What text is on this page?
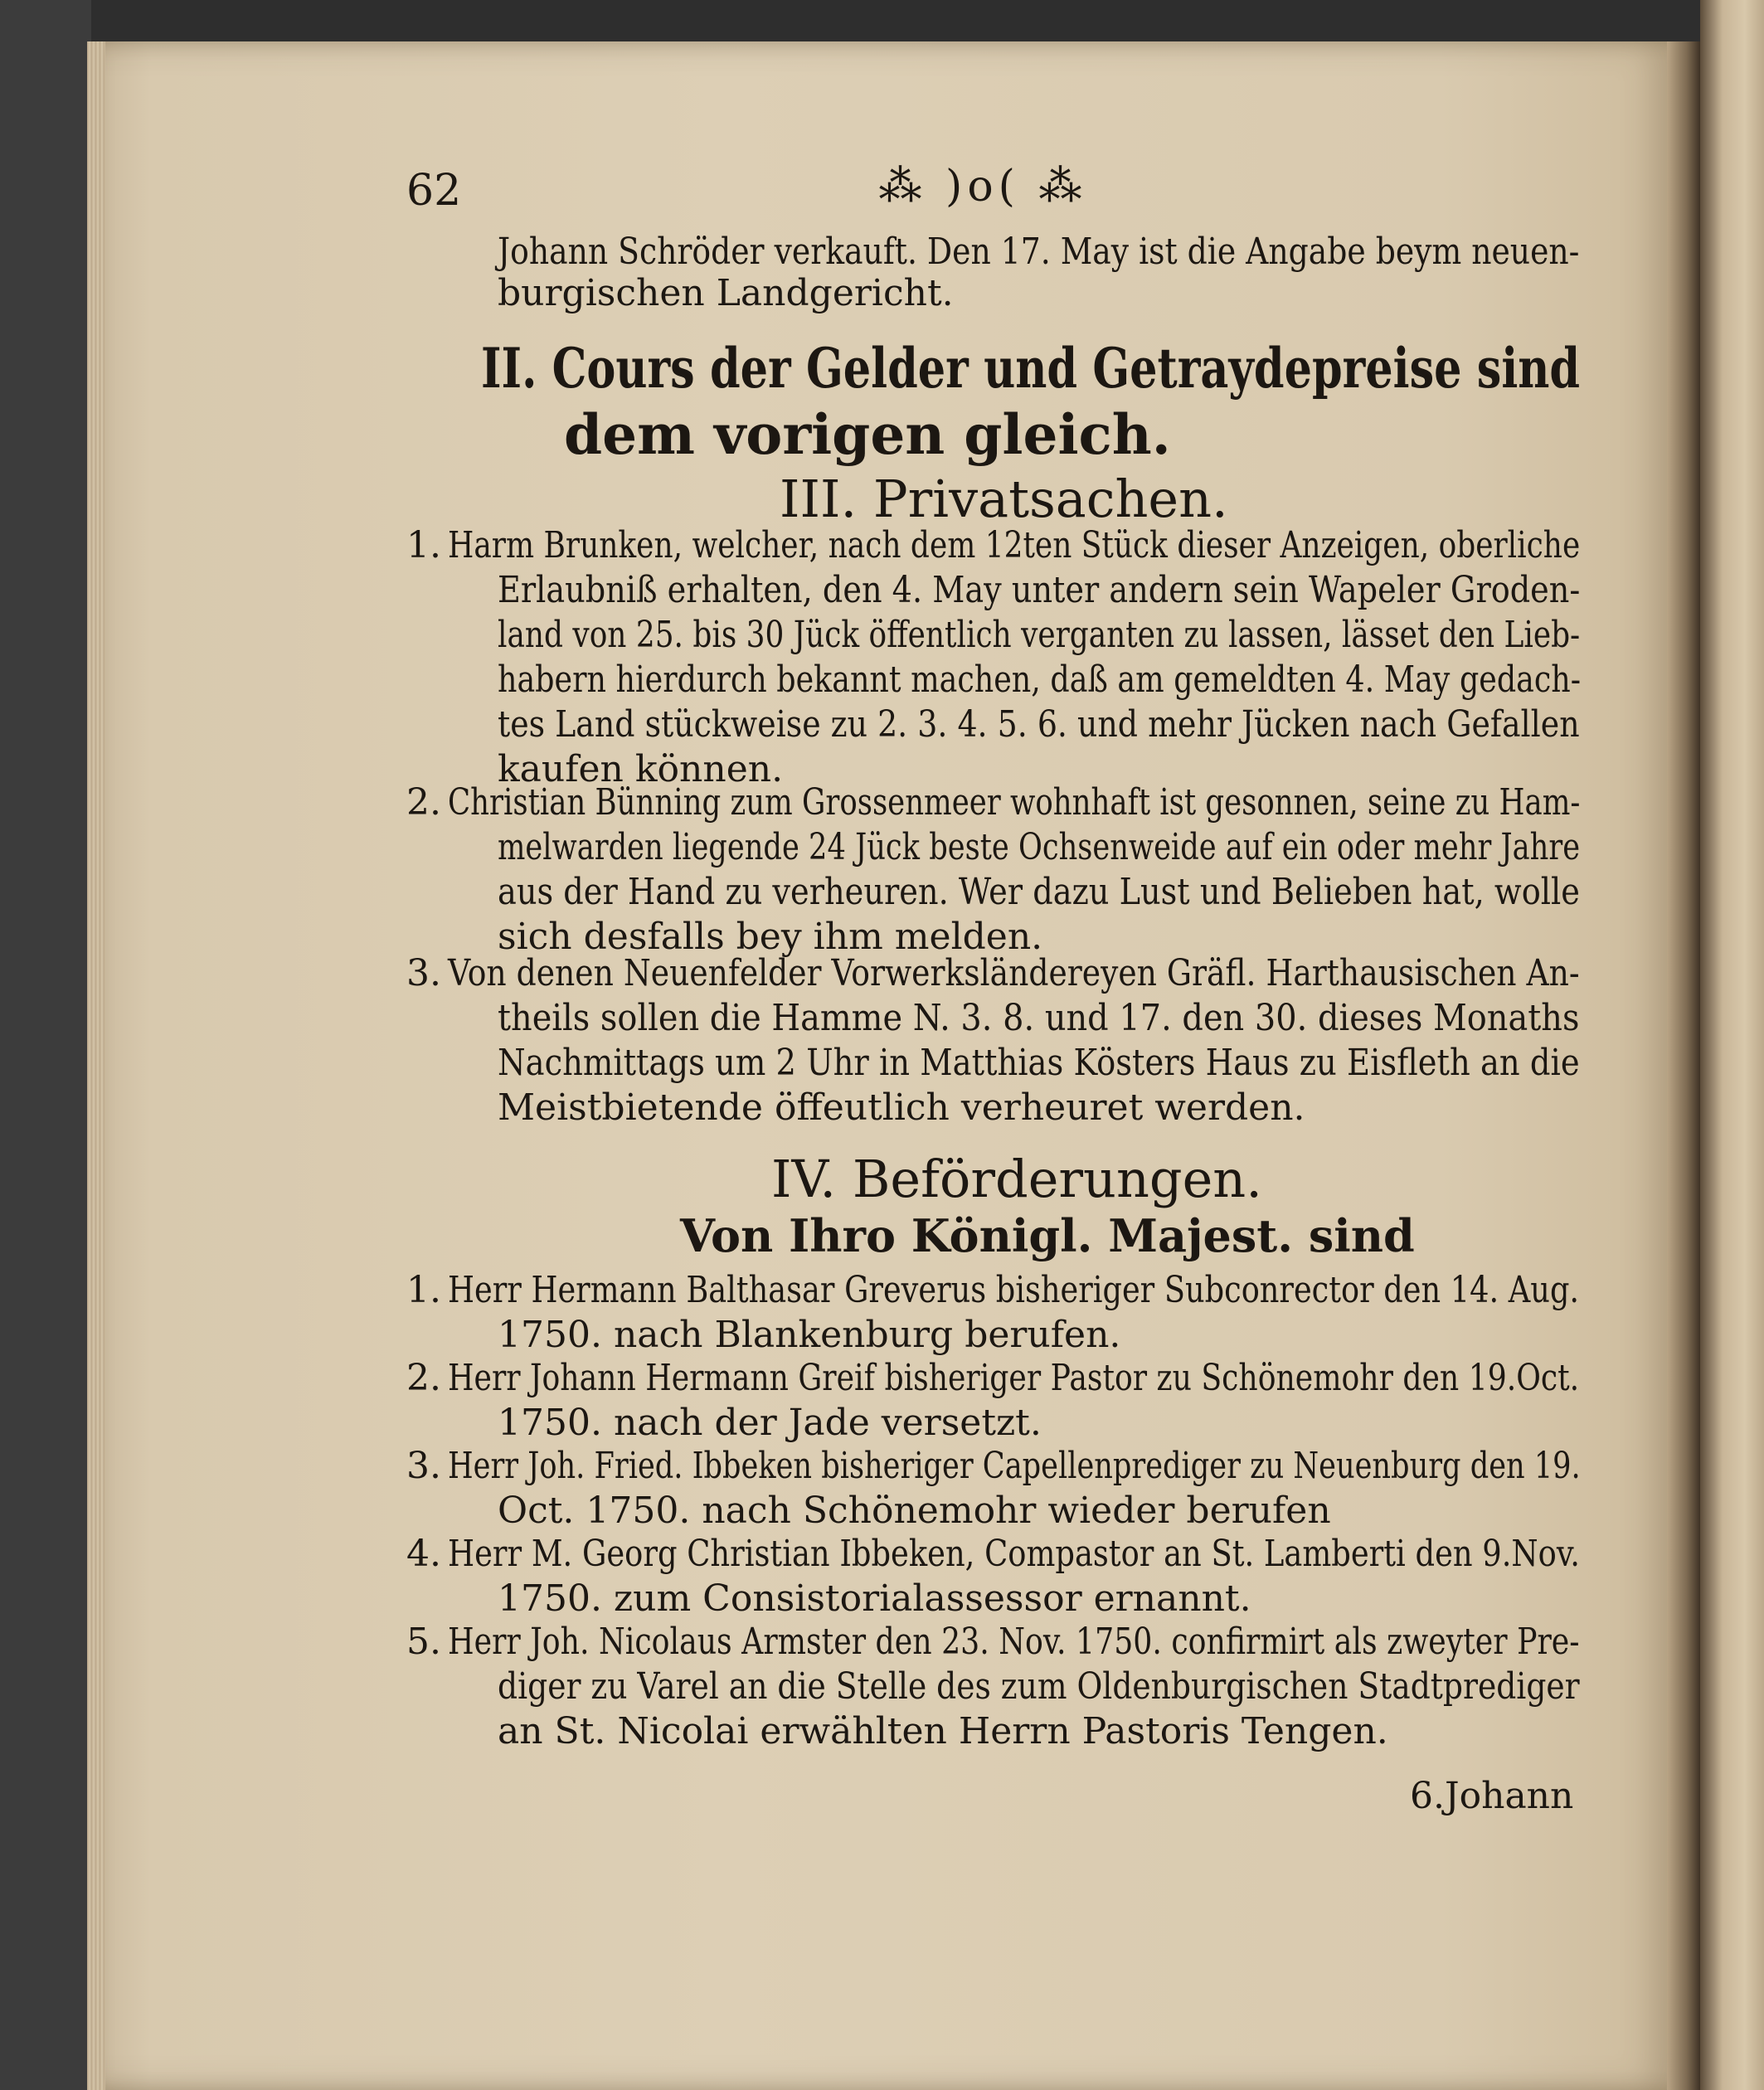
62	⁂ )o( ⁂
Johann Schröder verkauft. Den 17. May ist die Angabe beym neuen-
burgischen Landgericht.
II. Cours der Gelder und Getraydepreise sind
dem vorigen gleich.
III. Privatsachen.
1. Harm Brunken, welcher, nach dem 12ten Stück dieser Anzeigen, oberliche
Erlaubniß erhalten, den 4. May unter andern sein Wapeler Groden-
land von 25. bis 30 Jück öffentlich verganten zu lassen, lässet den Lieb-
habern hierdurch bekannt machen, daß am gemeldten 4. May gedach-
tes Land stückweise zu 2. 3. 4. 5. 6. und mehr Jücken nach Gefallen
kaufen können.
2. Christian Bünning zum Grossenmeer wohnhaft ist gesonnen, seine zu Ham-
melwarden liegende 24 Jück beste Ochsenweide auf ein oder mehr Jahre
aus der Hand zu verheuren. Wer dazu Lust und Belieben hat, wolle
sich desfalls bey ihm melden.
3. Von denen Neuenfelder Vorwerksländereyen Gräfl. Harthausischen An-
theils sollen die Hamme N. 3. 8. und 17. den 30. dieses Monaths
Nachmittags um 2 Uhr in Matthias Kösters Haus zu Eisfleth an die
Meistbietende öffeutlich verheuret werden.
IV. Beförderungen.
Von Ihro Königl. Majest. sind
1. Herr Hermann Balthasar Greverus bisheriger Subconrector den 14. Aug.
1750. nach Blankenburg berufen.
2. Herr Johann Hermann Greif bisheriger Pastor zu Schönemohr den 19.Oct.
1750. nach der Jade versetzt.
3. Herr Joh. Fried. Ibbeken bisheriger Capellenprediger zu Neuenburg den 19.
Oct. 1750. nach Schönemohr wieder berufen
4. Herr M. Georg Christian Ibbeken, Compastor an St. Lamberti den 9.Nov.
1750. zum Consistorialassessor ernannt.
5. Herr Joh. Nicolaus Armster den 23. Nov. 1750. confirmirt als zweyter Pre-
diger zu Varel an die Stelle des zum Oldenburgischen Stadtprediger
an St. Nicolai erwählten Herrn Pastoris Tengen.
6.Johann
